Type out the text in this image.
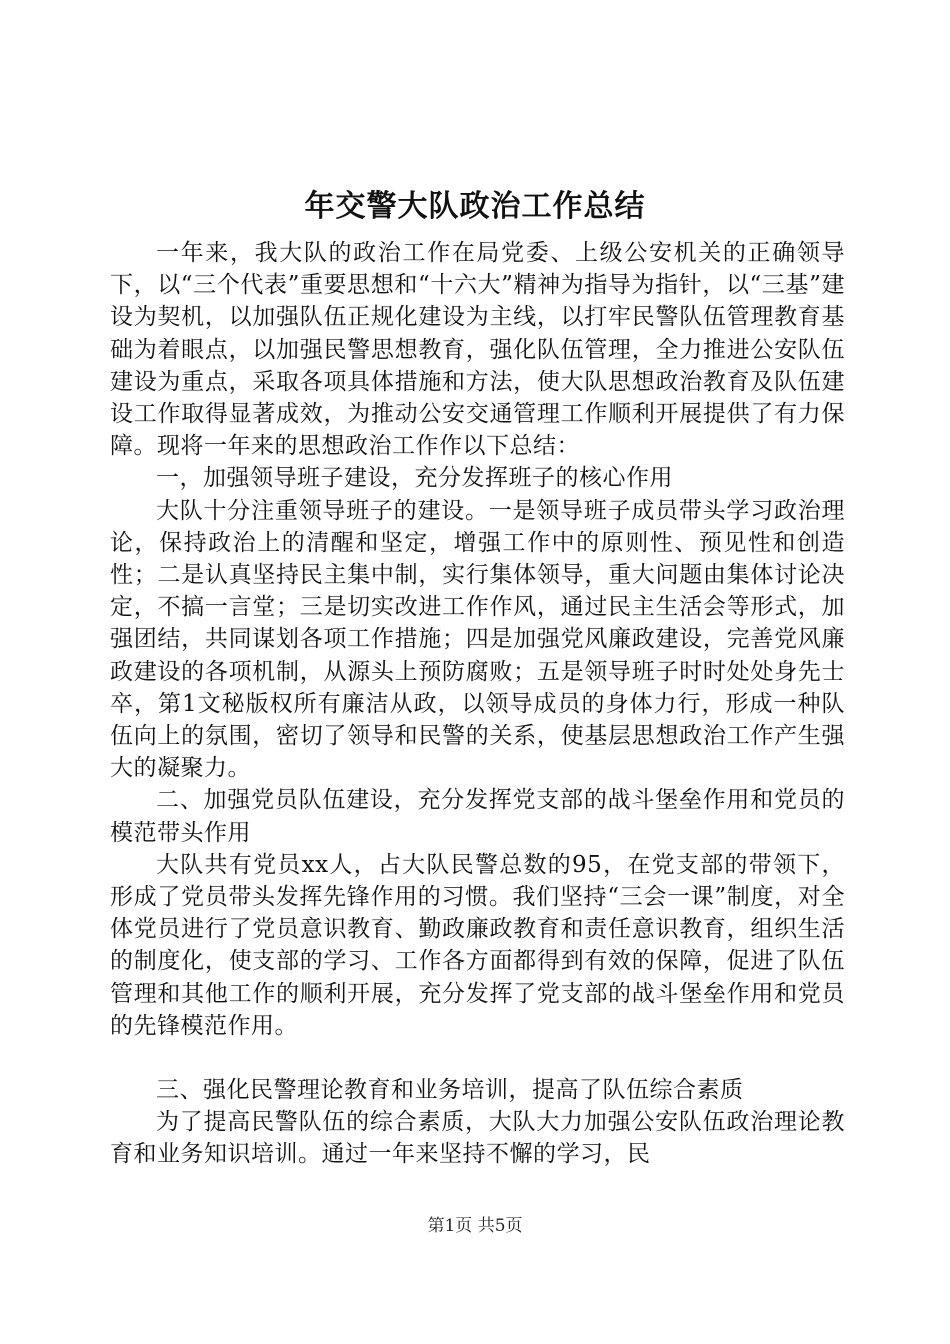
年交警大队政治工作总结

一年来，我大队的政治工作在局党委、上级公安机关的正确领导下，以“三个代表”重要思想和“十六大”精神为指导为指针，以“三基”建设为契机，以加强队伍正规化建设为主线，以打牢民警队伍管理教育基础为着眼点，以加强民警思想教育，强化队伍管理，全力推进公安队伍建设为重点，采取各项具体措施和方法，使大队思想政治教育及队伍建设工作取得显著成效，为推动公安交通管理工作顺利开展提供了有力保障。现将一年来的思想政治工作作以下总结：

一，加强领导班子建设，充分发挥班子的核心作用

大队十分注重领导班子的建设。一是领导班子成员带头学习政治理论，保持政治上的清醒和坚定，增强工作中的原则性、预见性和创造性；二是认真坚持民主集中制，实行集体领导，重大问题由集体讨论决定，不搞一言堂；三是切实改进工作作风，通过民主生活会等形式，加强团结，共同谋划各项工作措施；四是加强党风廉政建设，完善党风廉政建设的各项机制，从源头上预防腐败；五是领导班子时时处处身先士卒，第1文秘版权所有廉洁从政，以领导成员的身体力行，形成一种队伍向上的氛围，密切了领导和民警的关系，使基层思想政治工作产生强大的凝聚力。

二、加强党员队伍建设，充分发挥党支部的战斗堡垒作用和党员的模范带头作用

大队共有党员xx人，占大队民警总数的95，在党支部的带领下，形成了党员带头发挥先锋作用的习惯。我们坚持“三会一课”制度，对全体党员进行了党员意识教育、勤政廉政教育和责任意识教育，组织生活的制度化，使支部的学习、工作各方面都得到有效的保障，促进了队伍管理和其他工作的顺利开展，充分发挥了党支部的战斗堡垒作用和党员的先锋模范作用。

三、强化民警理论教育和业务培训，提高了队伍综合素质

为了提高民警队伍的综合素质，大队大力加强公安队伍政治理论教育和业务知识培训。通过一年来坚持不懈的学习，民

第1页 共5页
